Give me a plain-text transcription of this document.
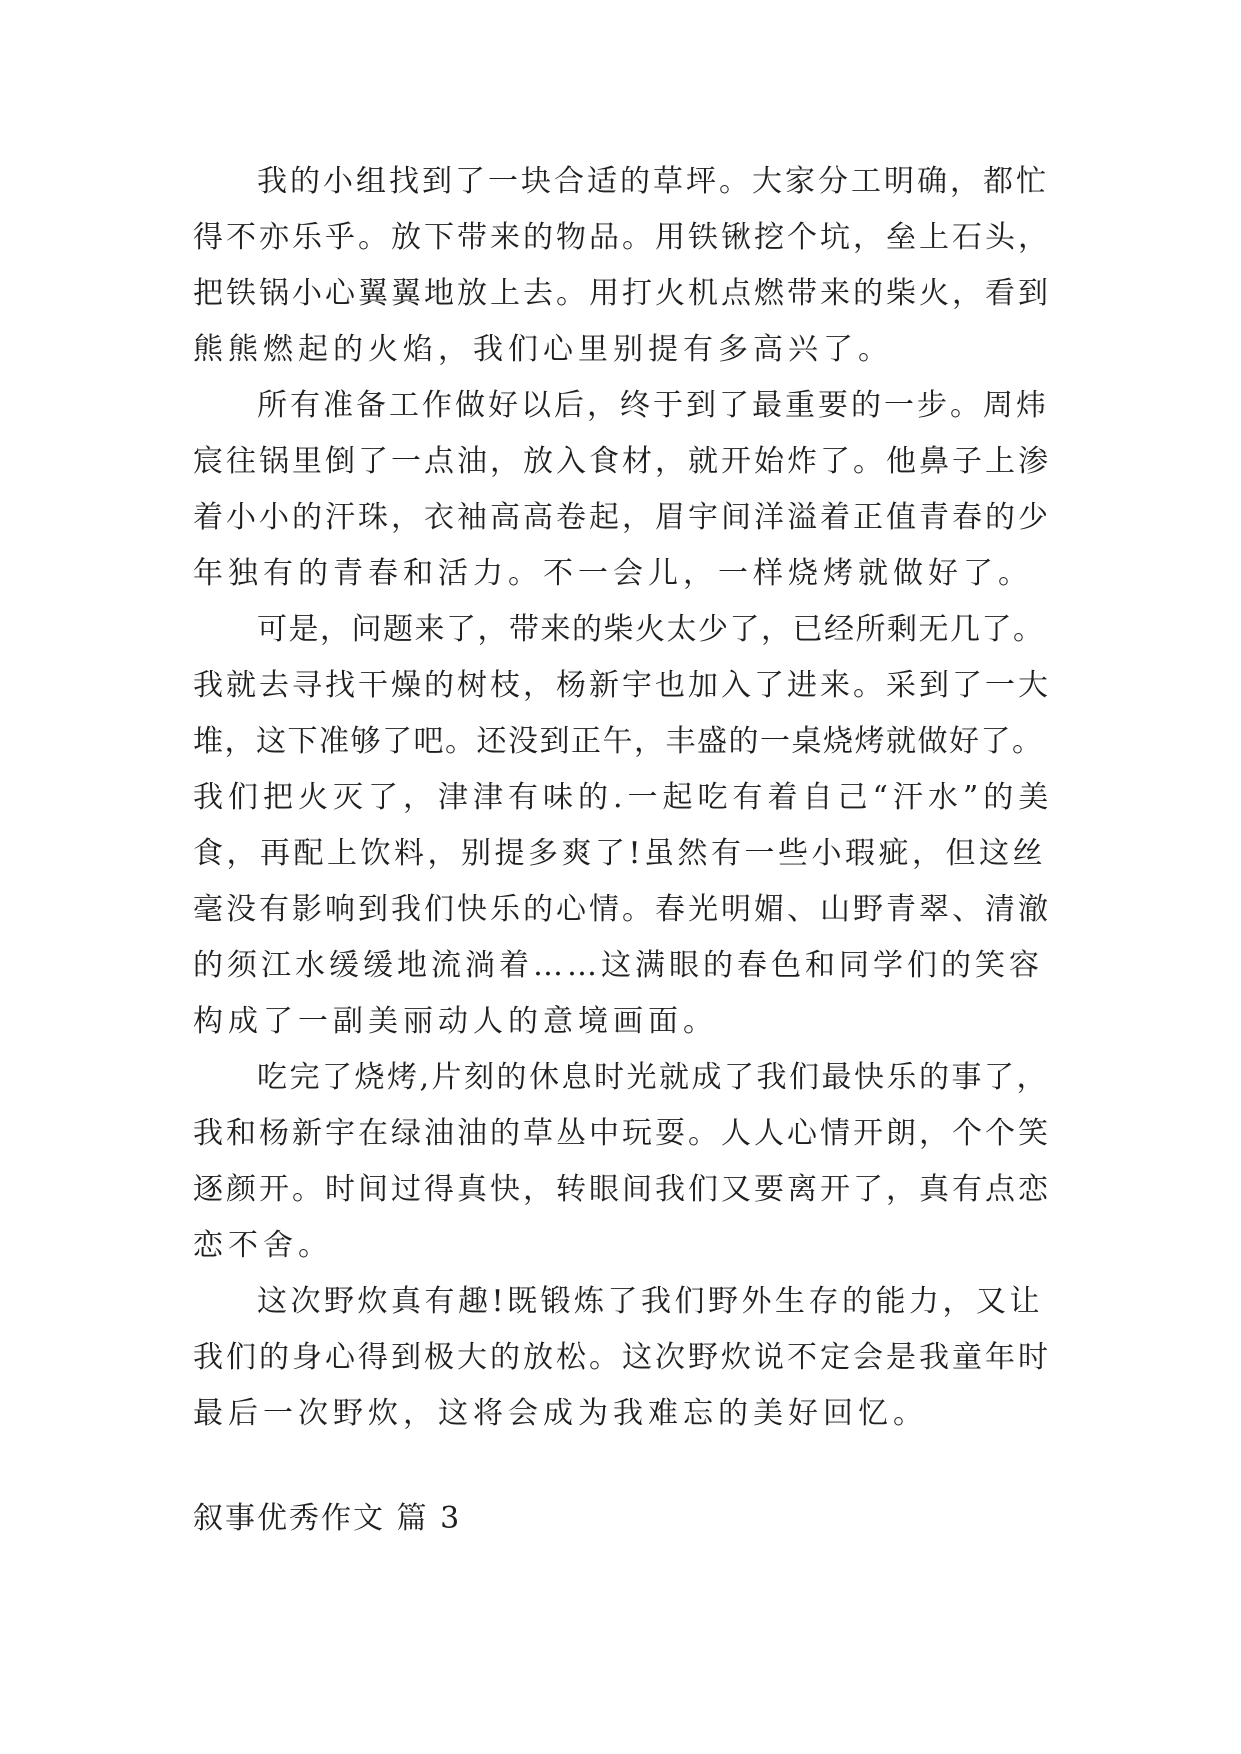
我的小组找到了一块合适的草坪。大家分工明确，都忙
得不亦乐乎。放下带来的物品。用铁锹挖个坑，垒上石头，
把铁锅小心翼翼地放上去。用打火机点燃带来的柴火，看到
熊熊燃起的火焰，我们心里别提有多高兴了。
所有准备工作做好以后，终于到了最重要的一步。周炜
宸往锅里倒了一点油，放入食材，就开始炸了。他鼻子上渗
着小小的汗珠，衣袖高高卷起，眉宇间洋溢着正值青春的少
年独有的青春和活力。不一会儿，一样烧烤就做好了。
可是，问题来了，带来的柴火太少了，已经所剩无几了。
我就去寻找干燥的树枝，杨新宇也加入了进来。采到了一大
堆，这下准够了吧。还没到正午，丰盛的一桌烧烤就做好了。
我们把火灭了，津津有味的.一起吃有着自己“汗水”的美
食，再配上饮料，别提多爽了!虽然有一些小瑕疵，但这丝
毫没有影响到我们快乐的心情。春光明媚、山野青翠、清澈
的须江水缓缓地流淌着……这满眼的春色和同学们的笑容
构成了一副美丽动人的意境画面。
吃完了烧烤,片刻的休息时光就成了我们最快乐的事了，
我和杨新宇在绿油油的草丛中玩耍。人人心情开朗，个个笑
逐颜开。时间过得真快，转眼间我们又要离开了，真有点恋
恋不舍。
这次野炊真有趣!既锻炼了我们野外生存的能力，又让
我们的身心得到极大的放松。这次野炊说不定会是我童年时
最后一次野炊，这将会成为我难忘的美好回忆。
叙事优秀作文 篇 3
